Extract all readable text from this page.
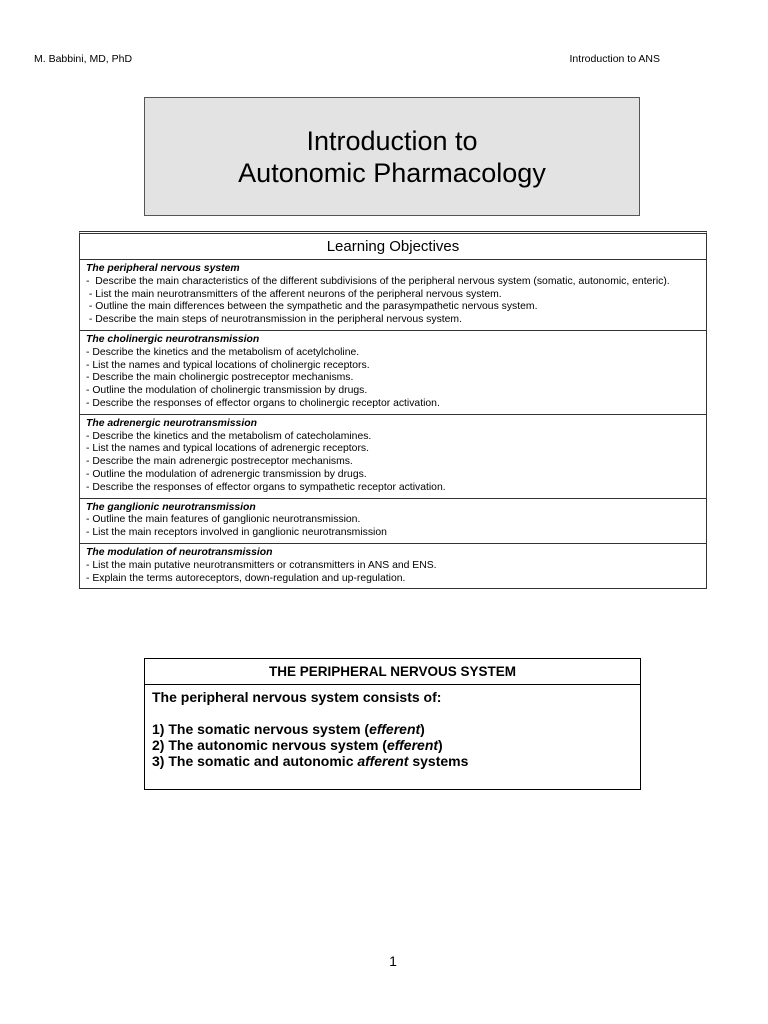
M. Babbini, MD, PhD	Introduction to ANS
Introduction to
Autonomic Pharmacology
Learning Objectives
The peripheral nervous system
-  Describe the main characteristics of the different subdivisions of the peripheral nervous system (somatic, autonomic, enteric).
- List the main neurotransmitters of the afferent neurons of the peripheral nervous system.
- Outline the main differences between the sympathetic and the parasympathetic nervous system.
- Describe the main steps of neurotransmission in the peripheral nervous system.
The cholinergic neurotransmission
- Describe the kinetics and the metabolism of acetylcholine.
- List the names and typical locations of cholinergic receptors.
- Describe the main cholinergic postreceptor mechanisms.
- Outline the modulation of cholinergic transmission by drugs.
- Describe the responses of effector organs to cholinergic receptor activation.
The adrenergic neurotransmission
- Describe the kinetics and the metabolism of catecholamines.
- List the names and typical locations of adrenergic receptors.
- Describe the main adrenergic postreceptor mechanisms.
- Outline the modulation of adrenergic transmission by drugs.
- Describe the responses of effector organs to sympathetic receptor activation.
The ganglionic neurotransmission
- Outline the main features of ganglionic neurotransmission.
- List the main receptors involved in ganglionic neurotransmission
The modulation of neurotransmission
- List the main putative neurotransmitters or cotransmitters in ANS and ENS.
- Explain the terms autoreceptors, down-regulation and up-regulation.
THE PERIPHERAL NERVOUS SYSTEM
The peripheral nervous system consists of:
1) The somatic nervous system (efferent)
2) The autonomic nervous system (efferent)
3) The somatic and autonomic afferent systems
1
